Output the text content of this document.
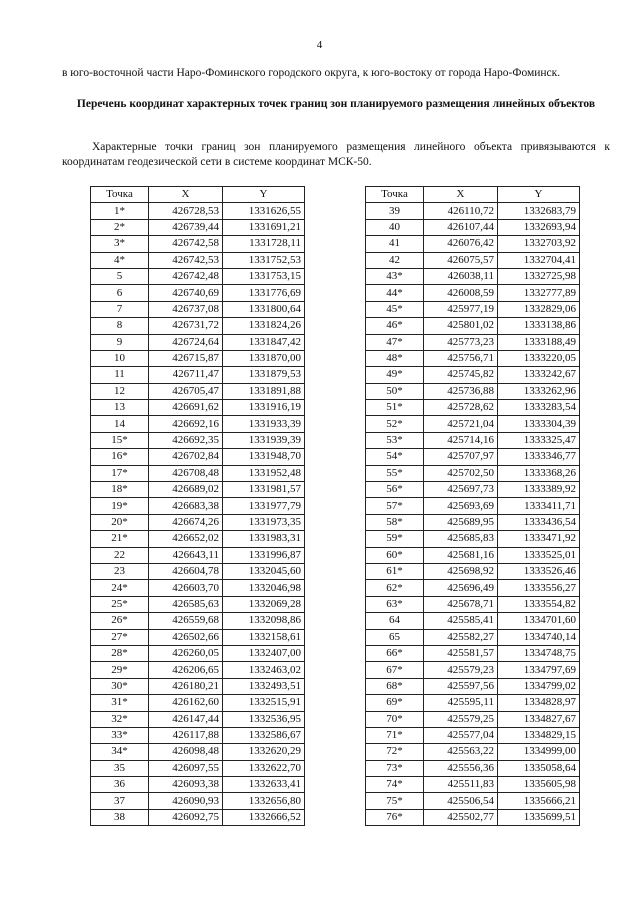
4
в юго-восточной части Наро-Фоминского городского округа, к юго-востоку от города Наро-Фоминск.
Перечень координат характерных точек границ зон планируемого размещения линейных объектов
Характерные точки границ зон планируемого размещения линейного объекта привязываются к координатам геодезической сети в системе координат МСК-50.
Точка	X	Y
1*	426728,53	1331626,55
2*	426739,44	1331691,21
3*	426742,58	1331728,11
4*	426742,53	1331752,53
5	426742,48	1331753,15
6	426740,69	1331776,69
7	426737,08	1331800,64
8	426731,72	1331824,26
9	426724,64	1331847,42
10	426715,87	1331870,00
11	426711,47	1331879,53
12	426705,47	1331891,88
13	426691,62	1331916,19
14	426692,16	1331933,39
15*	426692,35	1331939,39
16*	426702,84	1331948,70
17*	426708,48	1331952,48
18*	426689,02	1331981,57
19*	426683,38	1331977,79
20*	426674,26	1331973,35
21*	426652,02	1331983,31
22	426643,11	1331996,87
23	426604,78	1332045,60
24*	426603,70	1332046,98
25*	426585,63	1332069,28
26*	426559,68	1332098,86
27*	426502,66	1332158,61
28*	426260,05	1332407,00
29*	426206,65	1332463,02
30*	426180,21	1332493,51
31*	426162,60	1332515,91
32*	426147,44	1332536,95
33*	426117,88	1332586,67
34*	426098,48	1332620,29
35	426097,55	1332622,70
36	426093,38	1332633,41
37	426090,93	1332656,80
38	426092,75	1332666,52
Точка	X	Y
39	426110,72	1332683,79
40	426107,44	1332693,94
41	426076,42	1332703,92
42	426075,57	1332704,41
43*	426038,11	1332725,98
44*	426008,59	1332777,89
45*	425977,19	1332829,06
46*	425801,02	1333138,86
47*	425773,23	1333188,49
48*	425756,71	1333220,05
49*	425745,82	1333242,67
50*	425736,88	1333262,96
51*	425728,62	1333283,54
52*	425721,04	1333304,39
53*	425714,16	1333325,47
54*	425707,97	1333346,77
55*	425702,50	1333368,26
56*	425697,73	1333389,92
57*	425693,69	1333411,71
58*	425689,95	1333436,54
59*	425685,83	1333471,92
60*	425681,16	1333525,01
61*	425698,92	1333526,46
62*	425696,49	1333556,27
63*	425678,71	1333554,82
64	425585,41	1334701,60
65	425582,27	1334740,14
66*	425581,57	1334748,75
67*	425579,23	1334797,69
68*	425597,56	1334799,02
69*	425595,11	1334828,97
70*	425579,25	1334827,67
71*	425577,04	1334829,15
72*	425563,22	1334999,00
73*	425556,36	1335058,64
74*	425511,83	1335605,98
75*	425506,54	1335666,21
76*	425502,77	1335699,51
